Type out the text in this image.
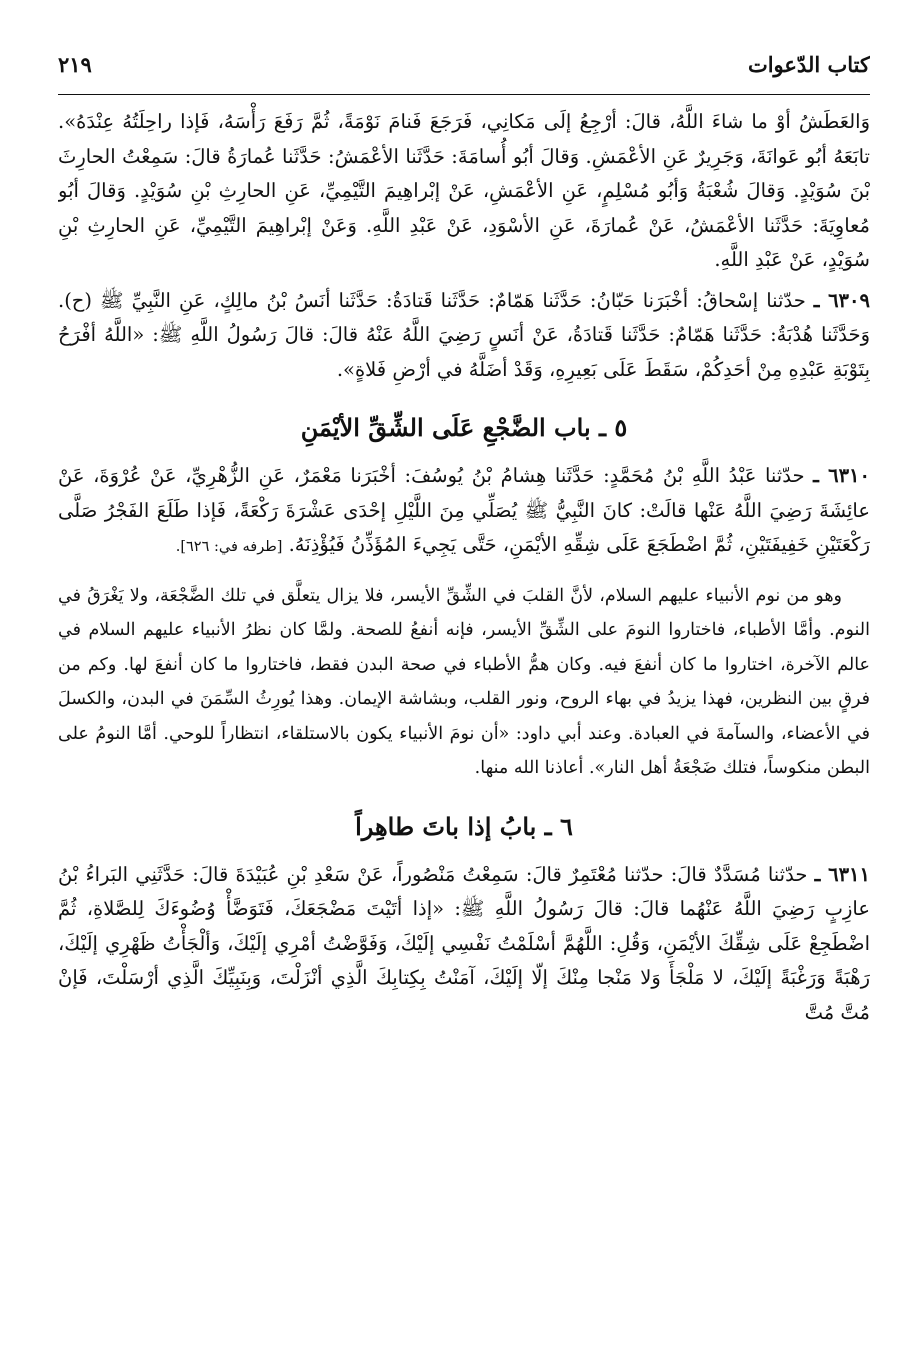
كتاب الدّعوات
٢١٩

وَالعَطَشُ أوْ ما شاءَ اللَّهُ، قالَ: أرْجِعُ إلَى مَكانِي، فَرَجَعَ فَنامَ نَوْمَةً، ثُمَّ رَفَعَ رَأْسَهُ، فَإذا راحِلَتُهُ عِنْدَهُ». تابَعَهُ أبُو عَوانَةَ، وَجَرِيرٌ عَنِ الأعْمَشِ. وَقالَ أبُو أُسامَةَ: حَدَّثَنا الأعْمَشُ: حَدَّثَنا عُمارَةُ قالَ: سَمِعْتُ الحارِثَ بْنَ سُوَيْدٍ. وَقالَ شُعْبَةُ وَأبُو مُسْلِمٍ، عَنِ الأعْمَشِ، عَنْ إبْراهِيمَ التَّيْمِيِّ، عَنِ الحارِثِ بْنِ سُوَيْدٍ. وَقالَ أبُو مُعاوِيَةَ: حَدَّثَنا الأعْمَشُ، عَنْ عُمارَةَ، عَنِ الأسْوَدِ، عَنْ عَبْدِ اللَّهِ. وَعَنْ إبْراهِيمَ التَّيْمِيِّ، عَنِ الحارِثِ بْنِ سُوَيْدٍ، عَنْ عَبْدِ اللَّهِ.

٦٣٠٩ ـ حدّثنا إسْحاقُ: أخْبَرَنا حَبّانُ: حَدَّثَنا هَمّامٌ: حَدَّثَنا قَتادَةُ: حَدَّثَنا أنَسُ بْنُ مالِكٍ، عَنِ النَّبِيِّ ﷺ (ح). وَحَدَّثَنا هُدْبَةُ: حَدَّثَنا هَمّامٌ: حَدَّثَنا قَتادَةُ، عَنْ أنَسٍ رَضِيَ اللَّهُ عَنْهُ قالَ: قالَ رَسُولُ اللَّهِ ﷺ: «اللَّهُ أفْرَحُ بِتَوْبَةِ عَبْدِهِ مِنْ أحَدِكُمْ، سَقَطَ عَلَى بَعِيرِهِ، وَقَدْ أضَلَّهُ في أرْضِ فَلاةٍ».

٥ ـ باب الضَّجْعِ عَلَى الشِّقِّ الأيْمَنِ

٦٣١٠ ـ حدّثنا عَبْدُ اللَّهِ بْنُ مُحَمَّدٍ: حَدَّثَنا هِشامُ بْنُ يُوسُفَ: أخْبَرَنا مَعْمَرٌ، عَنِ الزُّهْرِيِّ، عَنْ عُرْوَةَ، عَنْ عائِشَةَ رَضِيَ اللَّهُ عَنْها قالَتْ: كانَ النَّبِيُّ ﷺ يُصَلِّي مِنَ اللَّيْلِ إحْدَى عَشْرَةَ رَكْعَةً، فَإذا طَلَعَ الفَجْرُ صَلَّى رَكْعَتَيْنِ خَفِيفَتَيْنِ، ثُمَّ اضْطَجَعَ عَلَى شِقِّهِ الأيْمَنِ، حَتَّى يَجِيءَ المُؤَذِّنُ فَيُؤْذِنَهُ. [طرفه في: ٦٢٦].

وهو من نوم الأنبياء عليهم السلام، لأنَّ القلبَ في الشِّقِّ الأيسر، فلا يزال يتعلَّق في تلك الضَّجْعَة، ولا يَغْرَقُ في النوم. وأمَّا الأطباء، فاختاروا النومَ على الشِّقِّ الأيسر، فإنه أنفعُ للصحة. ولمَّا كان نظرُ الأنبياء عليهم السلام في عالم الآخرة، اختاروا ما كان أنفعَ فيه. وكان همُّ الأطباء في صحة البدن فقط، فاختاروا ما كان أنفعَ لها. وكم من فرقٍ بين النظرين، فهذا يزيدُ في بهاء الروح، ونور القلب، وبشاشة الإيمان. وهذا يُورِثُ السِّمَنَ في البدن، والكسلَ في الأعضاء، والسآمةَ في العبادة. وعند أبي داود: «أن نومَ الأنبياء يكون بالاستلقاء، انتظاراً للوحي. أمَّا النومُ على البطن منكوساً، فتلك ضَجْعَةُ أهل النار». أعاذنا الله منها.

٦ ـ بابُ إذا باتَ طاهِراً

٦٣١١ ـ حدّثنا مُسَدَّدٌ قالَ: حدّثنا مُعْتَمِرٌ قالَ: سَمِعْتُ مَنْصُوراً، عَنْ سَعْدِ بْنِ عُبَيْدَةَ قالَ: حَدَّثَنِي البَراءُ بْنُ عازِبٍ رَضِيَ اللَّهُ عَنْهُما قالَ: قالَ رَسُولُ اللَّهِ ﷺ: «إذا أتَيْتَ مَضْجَعَكَ، فَتَوَضَّأْ وُضُوءَكَ لِلصَّلاةِ، ثُمَّ اضْطَجِعْ عَلَى شِقِّكَ الأيْمَنِ، وَقُلِ: اللَّهُمَّ أسْلَمْتُ نَفْسِي إلَيْكَ، وَفَوَّضْتُ أمْرِي إلَيْكَ، وَألْجَأْتُ ظَهْرِي إلَيْكَ، رَهْبَةً وَرَغْبَةً إلَيْكَ، لا مَلْجَأَ وَلا مَنْجا مِنْكَ إلّا إلَيْكَ، آمَنْتُ بِكِتابِكَ الَّذِي أنْزَلْتَ، وَبِنَبِيِّكَ الَّذِي أرْسَلْتَ، فَإنْ مُتَّ مُتَّ
